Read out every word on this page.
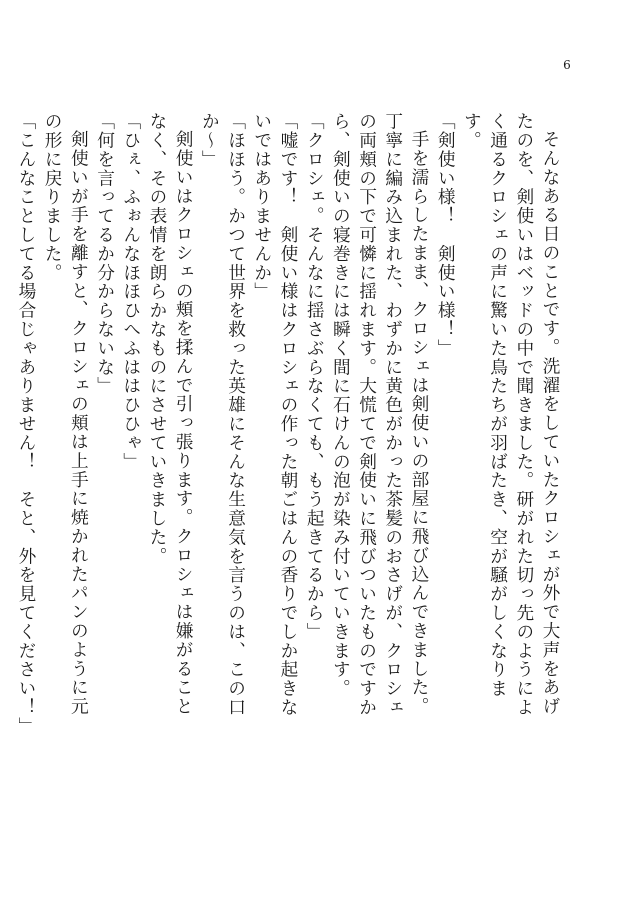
6

そんなある日のことです。洗濯をしていたクロシェが外で大声をあげたのを、剣使いはベッドの中で聞きました。研がれた切っ先のようによく通るクロシェの声に驚いた鳥たちが羽ばたき、空が騒がしくなります。

「剣使い様！　剣使い様！」

手を濡らしたまま、クロシェは剣使いの部屋に飛び込んできました。丁寧に編み込まれた、わずかに黄色がかった茶髪のおさげが、クロシェの両頬の下で可憐に揺れます。大慌てで剣使いに飛びついたものですから、剣使いの寝巻きには瞬く間に石けんの泡が染み付いていきます。

「クロシェ。そんなに揺さぶらなくても、もう起きてるから」

「嘘です！　剣使い様はクロシェの作った朝ごはんの香りでしか起きないではありませんか」

「ほほう。かつて世界を救った英雄にそんな生意気を言うのは、この口か～」

剣使いはクロシェの頬を揉んで引っ張ります。クロシェは嫌がることなく、その表情を朗らかなものにさせていきました。

「ひぇ、ふぉんなほほひへふははひひゃ」

「何を言ってるか分からないな」

剣使いが手を離すと、クロシェの頬は上手に焼かれたパンのように元の形に戻りました。

「こんなことしてる場合じゃありません！　そと、外を見てください！」
